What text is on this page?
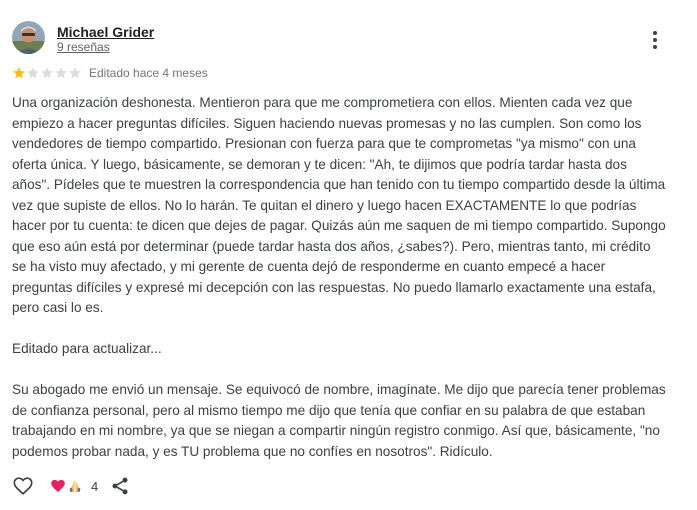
Michael Grider
9 reseñas
Editado hace 4 meses

Una organización deshonesta. Mentieron para que me comprometiera con ellos. Mienten cada vez que empiezo a hacer preguntas difíciles. Siguen haciendo nuevas promesas y no las cumplen. Son como los vendedores de tiempo compartido. Presionan con fuerza para que te comprometas "ya mismo" con una oferta única. Y luego, básicamente, se demoran y te dicen: "Ah, te dijimos que podría tardar hasta dos años". Pídeles que te muestren la correspondencia que han tenido con tu tiempo compartido desde la última vez que supiste de ellos. No lo harán. Te quitan el dinero y luego hacen EXACTAMENTE lo que podrías hacer por tu cuenta: te dicen que dejes de pagar. Quizás aún me saquen de mi tiempo compartido. Supongo que eso aún está por determinar (puede tardar hasta dos años, ¿sabes?). Pero, mientras tanto, mi crédito se ha visto muy afectado, y mi gerente de cuenta dejó de responderme en cuanto empecé a hacer preguntas difíciles y expresé mi decepción con las respuestas. No puedo llamarlo exactamente una estafa, pero casi lo es.

Editado para actualizar...

Su abogado me envió un mensaje. Se equivocó de nombre, imagínate. Me dijo que parecía tener problemas de confianza personal, pero al mismo tiempo me dijo que tenía que confiar en su palabra de que estaban trabajando en mi nombre, ya que se niegan a compartir ningún registro conmigo. Así que, básicamente, "no podemos probar nada, y es TU problema que no confíes en nosotros". Ridículo.

4
